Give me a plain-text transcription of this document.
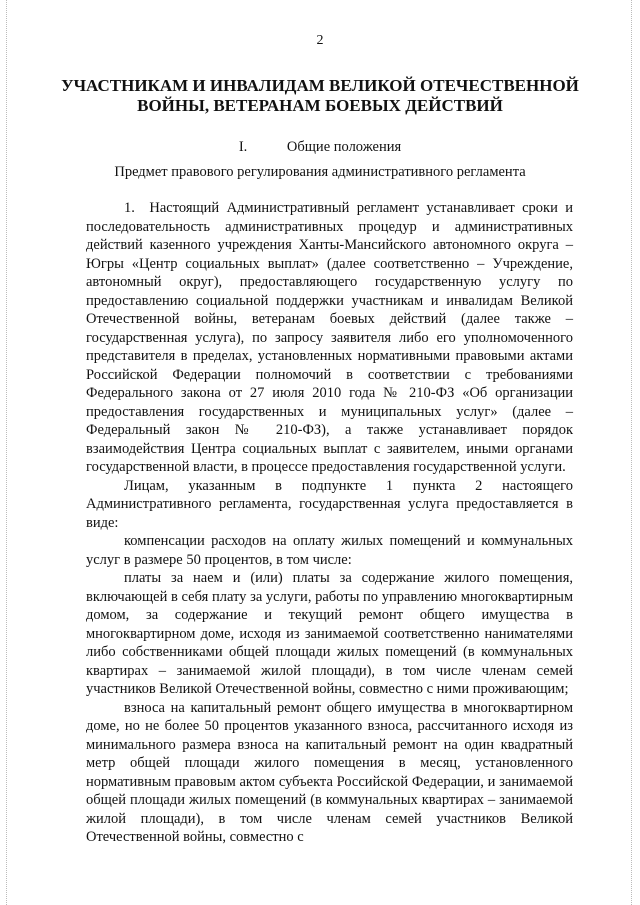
2
УЧАСТНИКАМ И ИНВАЛИДАМ ВЕЛИКОЙ ОТЕЧЕСТВЕННОЙ ВОЙНЫ, ВЕТЕРАНАМ БОЕВЫХ ДЕЙСТВИЙ
I.	Общие положения
Предмет правового регулирования административного регламента

1. Настоящий Административный регламент устанавливает сроки и последовательность административных процедур и административных действий казенного учреждения Ханты-Мансийского автономного округа – Югры «Центр социальных выплат» (далее соответственно – Учреждение, автономный округ), предоставляющего государственную услугу по предоставлению социальной поддержки участникам и инвалидам Великой Отечественной войны, ветеранам боевых действий (далее также – государственная услуга), по запросу заявителя либо его уполномоченного представителя в пределах, установленных нормативными правовыми актами Российской Федерации полномочий в соответствии с требованиями Федерального закона от 27 июля 2010 года № 210-ФЗ «Об организации предоставления государственных и муниципальных услуг» (далее – Федеральный закон № 210-ФЗ), а также устанавливает порядок взаимодействия Центра социальных выплат с заявителем, иными органами государственной власти, в процессе предоставления государственной услуги.

Лицам, указанным в подпункте 1 пункта 2 настоящего Административного регламента, государственная услуга предоставляется в виде:

компенсации расходов на оплату жилых помещений и коммунальных услуг в размере 50 процентов, в том числе:

платы за наем и (или) платы за содержание жилого помещения, включающей в себя плату за услуги, работы по управлению многоквартирным домом, за содержание и текущий ремонт общего имущества в многоквартирном доме, исходя из занимаемой соответственно нанимателями либо собственниками общей площади жилых помещений (в коммунальных квартирах – занимаемой жилой площади), в том числе членам семей участников Великой Отечественной войны, совместно с ними проживающим;

взноса на капитальный ремонт общего имущества в многоквартирном доме, но не более 50 процентов указанного взноса, рассчитанного исходя из минимального размера взноса на капитальный ремонт на один квадратный метр общей площади жилого помещения в месяц, установленного нормативным правовым актом субъекта Российской Федерации, и занимаемой общей площади жилых помещений (в коммунальных квартирах – занимаемой жилой площади), в том числе членам семей участников Великой Отечественной войны, совместно с
